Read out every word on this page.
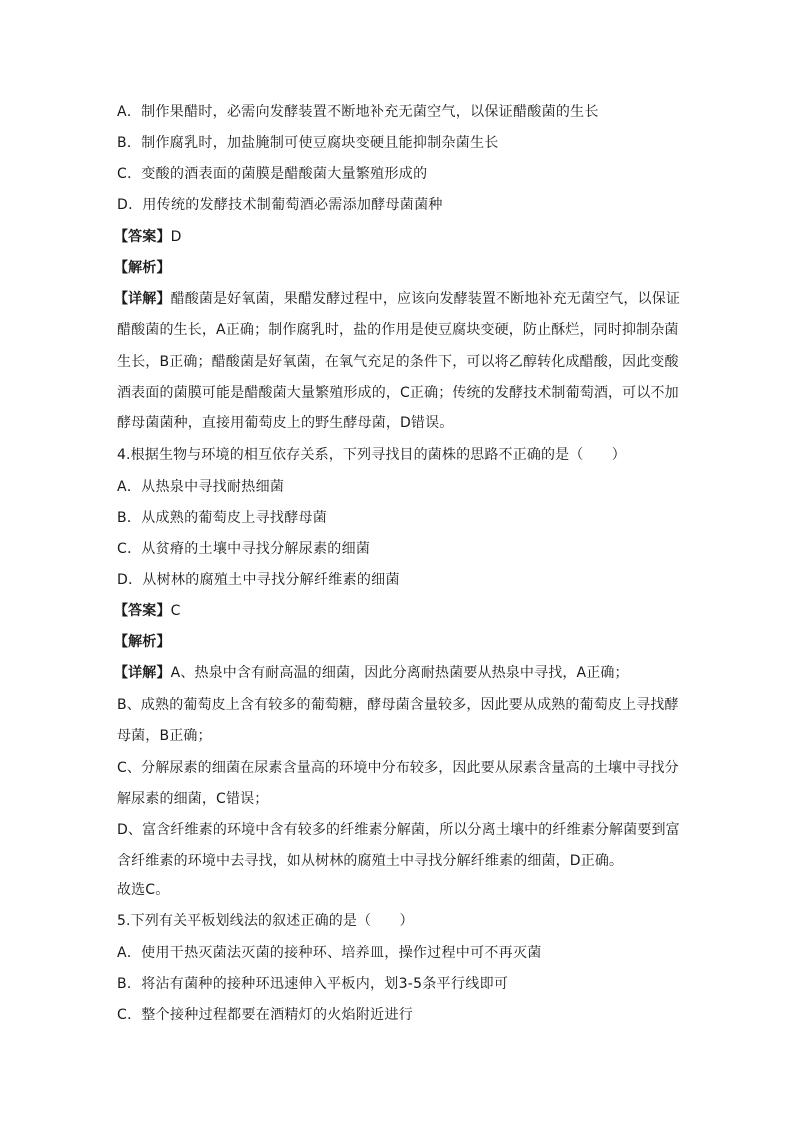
A．制作果醋时，必需向发酵装置不断地补充无菌空气，以保证醋酸菌的生长
B．制作腐乳时，加盐腌制可使豆腐块变硬且能抑制杂菌生长
C．变酸的酒表面的菌膜是醋酸菌大量繁殖形成的
D．用传统的发酵技术制葡萄酒必需添加酵母菌菌种
【答案】D
【解析】
【详解】醋酸菌是好氧菌，果醋发酵过程中，应该向发酵装置不断地补充无菌空气，以保证
醋酸菌的生长，A正确；制作腐乳时，盐的作用是使豆腐块变硬，防止酥烂，同时抑制杂菌
生长，B正确；醋酸菌是好氧菌，在氧气充足的条件下，可以将乙醇转化成醋酸，因此变酸
酒表面的菌膜可能是醋酸菌大量繁殖形成的，C正确；传统的发酵技术制葡萄酒，可以不加
酵母菌菌种，直接用葡萄皮上的野生酵母菌，D错误。
4.根据生物与环境的相互依存关系，下列寻找目的菌株的思路不正确的是（　　）
A．从热泉中寻找耐热细菌
B．从成熟的葡萄皮上寻找酵母菌
C．从贫瘠的土壤中寻找分解尿素的细菌
D．从树林的腐殖土中寻找分解纤维素的细菌
【答案】C
【解析】
【详解】A、热泉中含有耐高温的细菌，因此分离耐热菌要从热泉中寻找，A正确；
B、成熟的葡萄皮上含有较多的葡萄糖，酵母菌含量较多，因此要从成熟的葡萄皮上寻找酵
母菌，B正确；
C、分解尿素的细菌在尿素含量高的环境中分布较多，因此要从尿素含量高的土壤中寻找分
解尿素的细菌，C错误；
D、富含纤维素的环境中含有较多的纤维素分解菌，所以分离土壤中的纤维素分解菌要到富
含纤维素的环境中去寻找，如从树林的腐殖土中寻找分解纤维素的细菌，D正确。
故选C。
5.下列有关平板划线法的叙述正确的是（　　）
A．使用干热灭菌法灭菌的接种环、培养皿，操作过程中可不再灭菌
B．将沾有菌种的接种环迅速伸入平板内，划3-5条平行线即可
C．整个接种过程都要在酒精灯的火焰附近进行
